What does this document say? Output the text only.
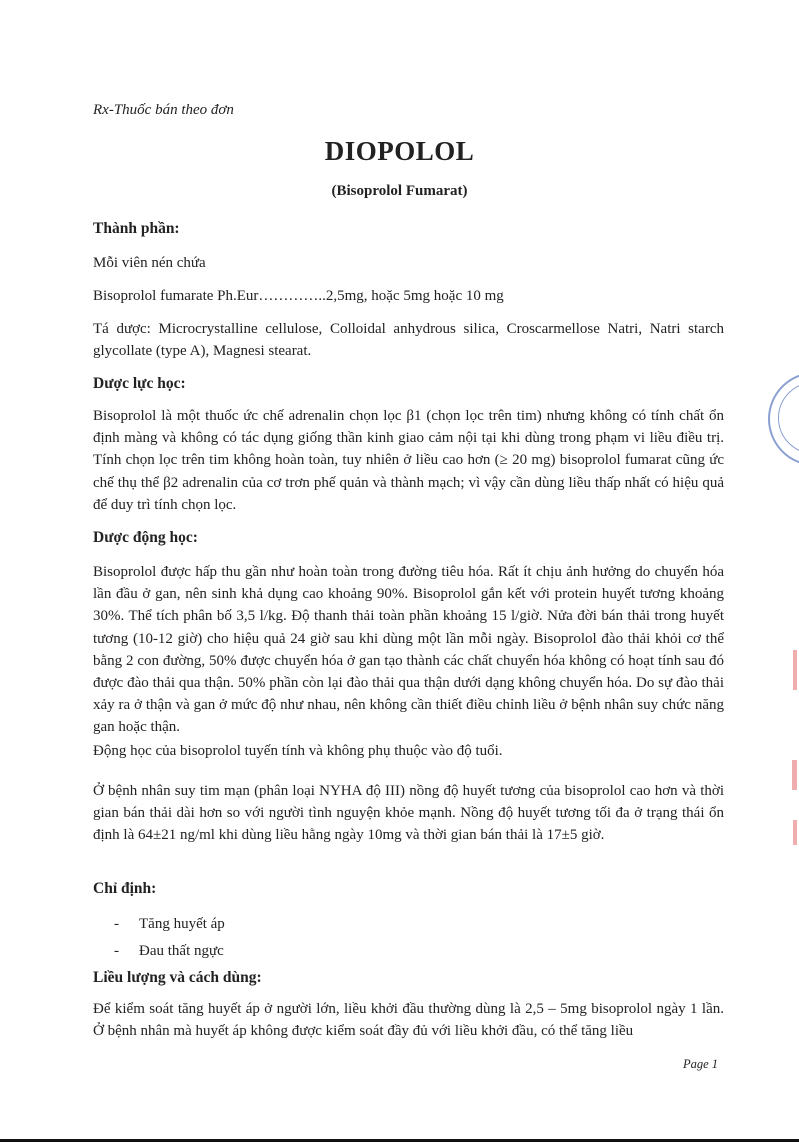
Rx-Thuốc bán theo đơn
DIOPOLOL
(Bisoprolol Fumarat)
Thành phần:
Mỗi viên nén chứa
Bisoprolol fumarate Ph.Eur…………..2,5mg, hoặc 5mg hoặc 10 mg

Tá dược: Microcrystalline cellulose, Colloidal anhydrous silica, Croscarmellose Natri, Natri starch glycollate (type A), Magnesi stearat.

Dược lực học:

Bisoprolol là một thuốc ức chế adrenalin chọn lọc β1 (chọn lọc trên tim) nhưng không có tính chất ổn định màng và không có tác dụng giống thần kinh giao cảm nội tại khi dùng trong phạm vi liều điều trị. Tính chọn lọc trên tim không hoàn toàn, tuy nhiên ở liều cao hơn (≥ 20 mg) bisoprolol fumarat cũng ức chế thụ thể β2 adrenalin của cơ trơn phế quản và thành mạch; vì vậy cần dùng liều thấp nhất có hiệu quả để duy trì tính chọn lọc.

Dược động học:

Bisoprolol được hấp thu gần như hoàn toàn trong đường tiêu hóa. Rất ít chịu ảnh hưởng do chuyển hóa lần đầu ở gan, nên sinh khả dụng cao khoảng 90%. Bisoprolol gắn kết với protein huyết tương khoảng 30%. Thể tích phân bố 3,5 l/kg. Độ thanh thải toàn phần khoảng 15 l/giờ. Nửa đời bán thải trong huyết tương (10-12 giờ) cho hiệu quả 24 giờ sau khi dùng một lần mỗi ngày. Bisoprolol đào thải khỏi cơ thể bằng 2 con đường, 50% được chuyển hóa ở gan tạo thành các chất chuyển hóa không có hoạt tính sau đó được đào thải qua thận. 50% phần còn lại đào thải qua thận dưới dạng không chuyển hóa. Do sự đào thải xảy ra ở thận và gan ở mức độ như nhau, nên không cần thiết điều chỉnh liều ở bệnh nhân suy chức năng gan hoặc thận.

Động học của bisoprolol tuyến tính và không phụ thuộc vào độ tuổi.

Ở bệnh nhân suy tim mạn (phân loại NYHA độ III) nồng độ huyết tương của bisoprolol cao hơn và thời gian bán thải dài hơn so với người tình nguyện khỏe mạnh. Nồng độ huyết tương tối đa ở trạng thái ổn định là 64±21 ng/ml khi dùng liều hằng ngày 10mg và thời gian bán thải là 17±5 giờ.

Chỉ định:
- Tăng huyết áp
- Đau thất ngực
Liều lượng và cách dùng:

Để kiểm soát tăng huyết áp ở người lớn, liều khởi đầu thường dùng là 2,5 – 5mg bisoprolol ngày 1 lần. Ở bệnh nhân mà huyết áp không được kiểm soát đầy đủ với liều khởi đầu, có thể tăng liều

Page 1
